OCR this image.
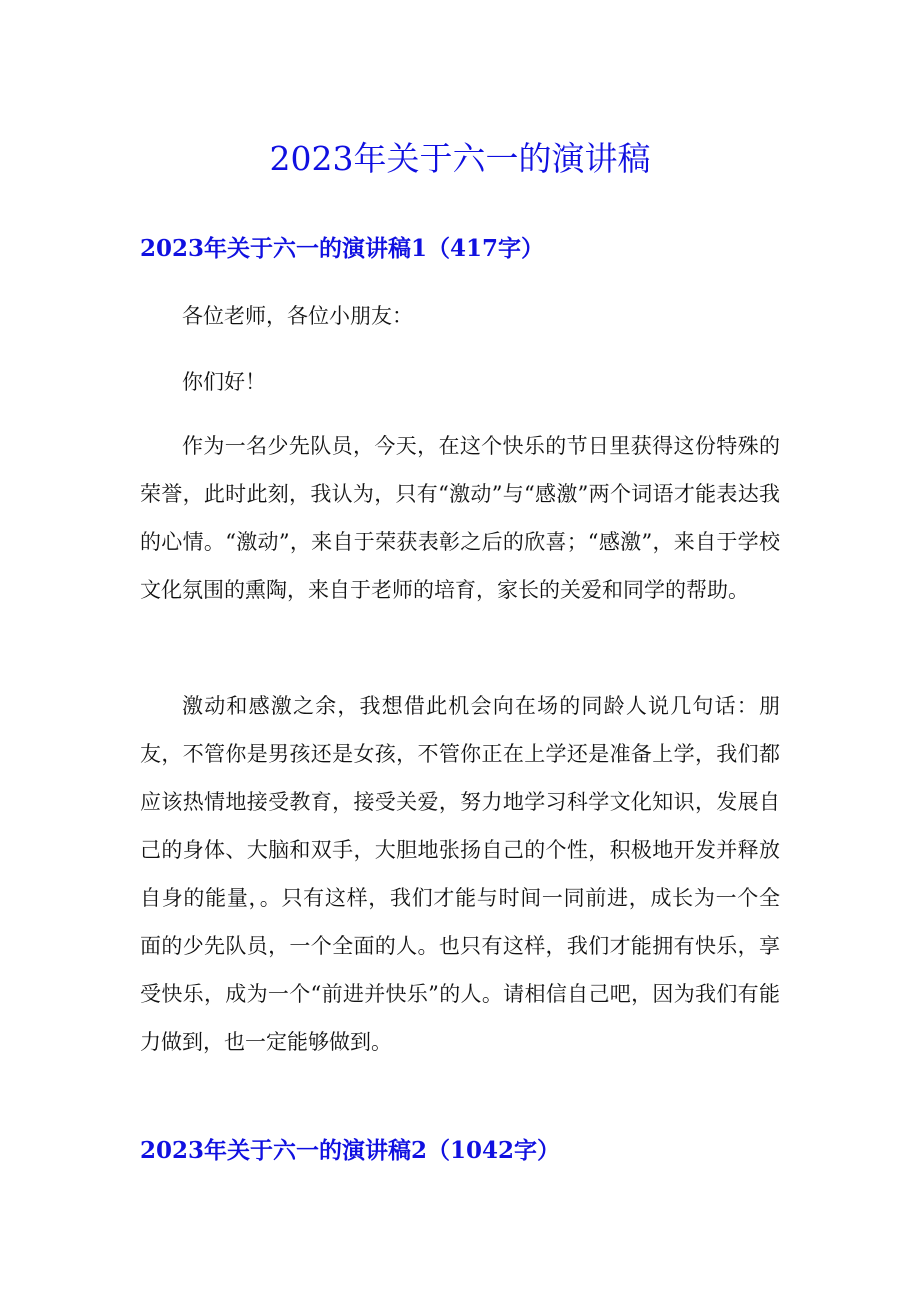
2023年关于六一的演讲稿
2023年关于六一的演讲稿1（417字）

各位老师，各位小朋友：

你们好！

作为一名少先队员，今天，在这个快乐的节日里获得这份特殊的荣誉，此时此刻，我认为，只有“激动”与“感激”两个词语才能表达我的心情。“激动”，来自于荣获表彰之后的欣喜；“感激”，来自于学校文化氛围的熏陶，来自于老师的培育，家长的关爱和同学的帮助。

激动和感激之余，我想借此机会向在场的同龄人说几句话：朋友，不管你是男孩还是女孩，不管你正在上学还是准备上学，我们都应该热情地接受教育，接受关爱，努力地学习科学文化知识，发展自己的身体、大脑和双手，大胆地张扬自己的个性，积极地开发并释放自身的能量，。只有这样，我们才能与时间一同前进，成长为一个全面的少先队员，一个全面的人。也只有这样，我们才能拥有快乐，享受快乐，成为一个“前进并快乐”的人。请相信自己吧，因为我们有能力做到，也一定能够做到。

2023年关于六一的演讲稿2（1042字）
